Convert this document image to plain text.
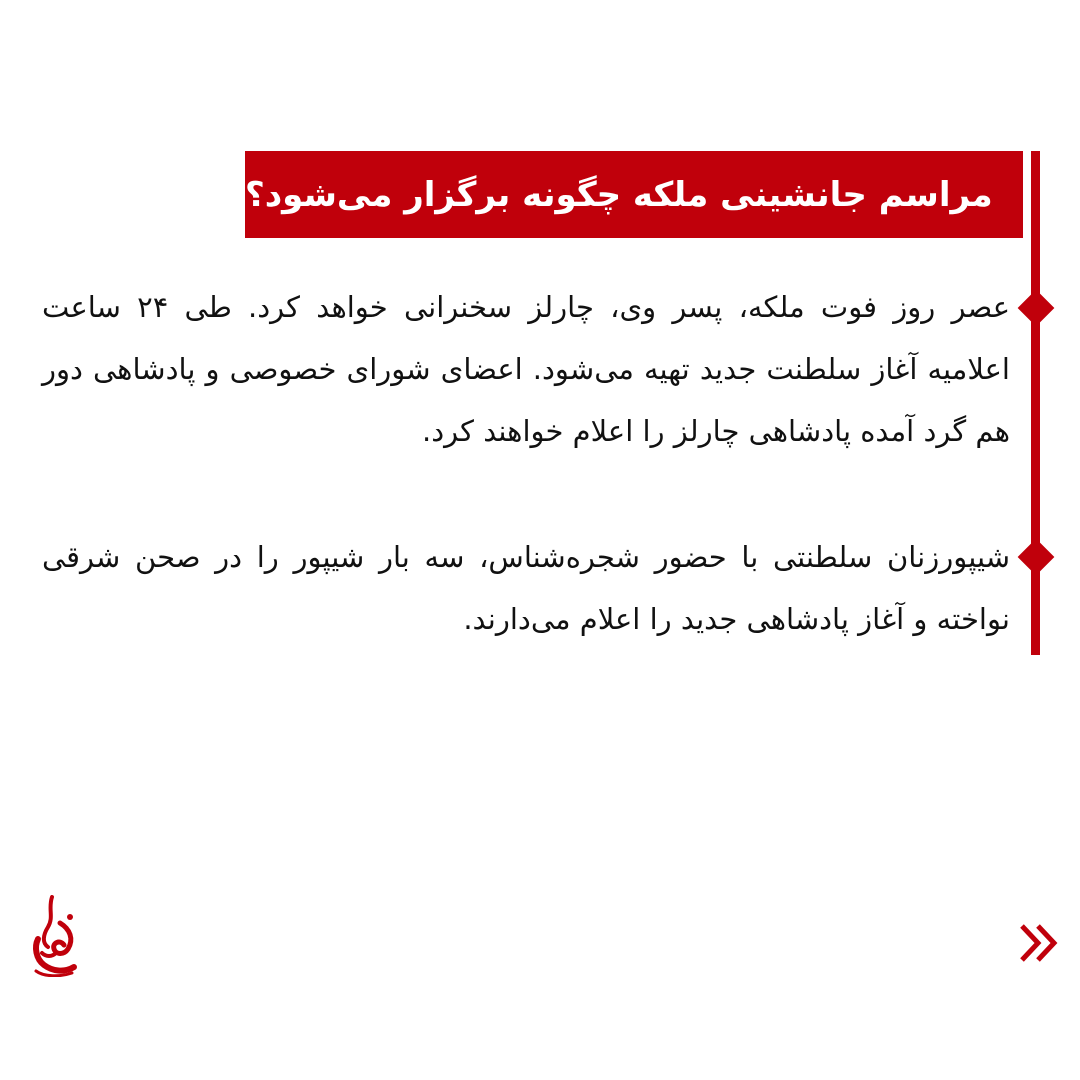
مراسم جانشینی ملکه چگونه برگزار می‌شود؟

عصر روز فوت ملکه، پسر وی، چارلز سخنرانی خواهد کرد. طی ۲۴ ساعت اعلامیه آغاز سلطنت جدید تهیه می‌شود. اعضای شورای خصوصی و پادشاهی دور هم گرد آمده پادشاهی چارلز را اعلام خواهند کرد.

شیپورزنان سلطنتی با حضور شجره‌شناس، سه بار شیپور را در صحن شرقی نواخته و آغاز پادشاهی جدید را اعلام می‌دارند.
